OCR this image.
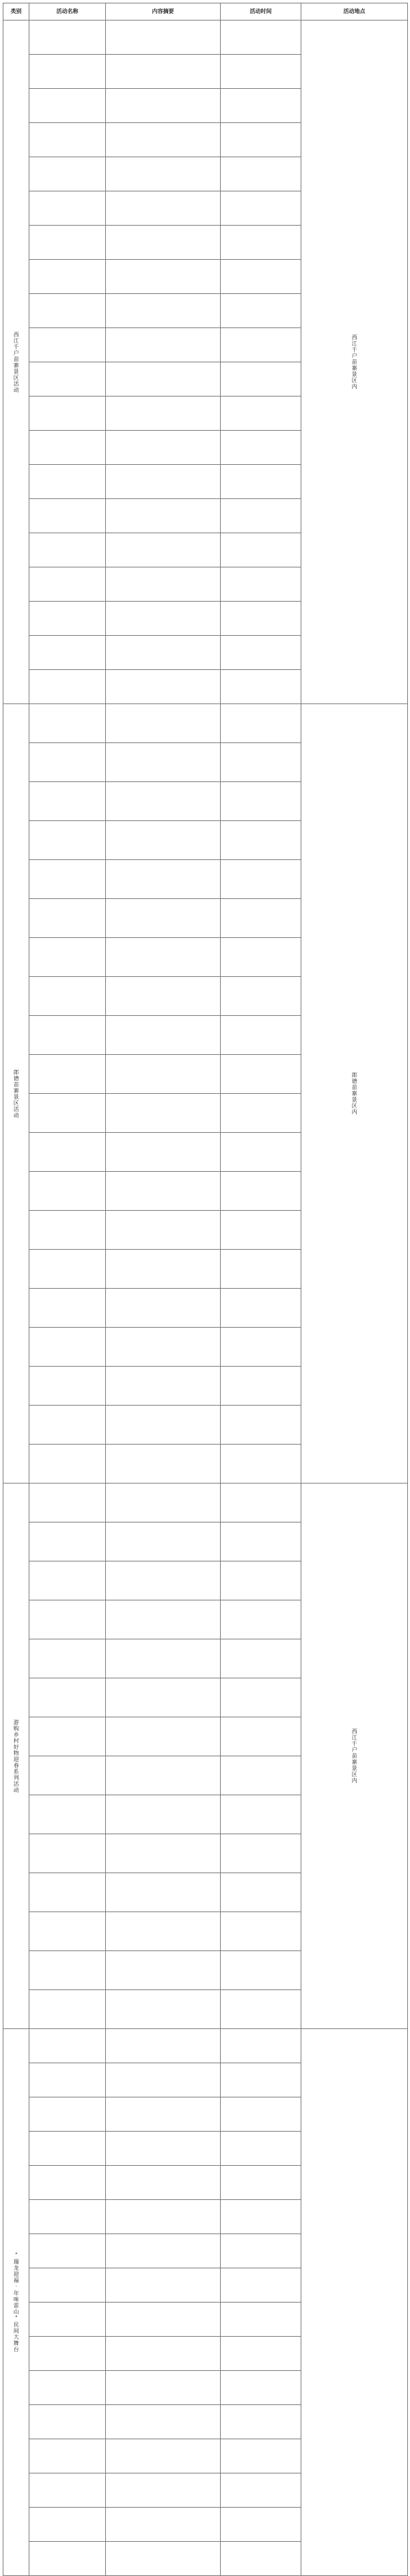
类别	活动名称	内容摘要	活动时间	活动地点

西江千户苗寨景区活动				西江千户苗寨景区内

郎德苗寨景区活动				郎德苗寨景区内

游购乡村好物迎春系列活动				西江千户苗寨景区内

"瑞龙迎福·年味雷山"民间大舞台				
